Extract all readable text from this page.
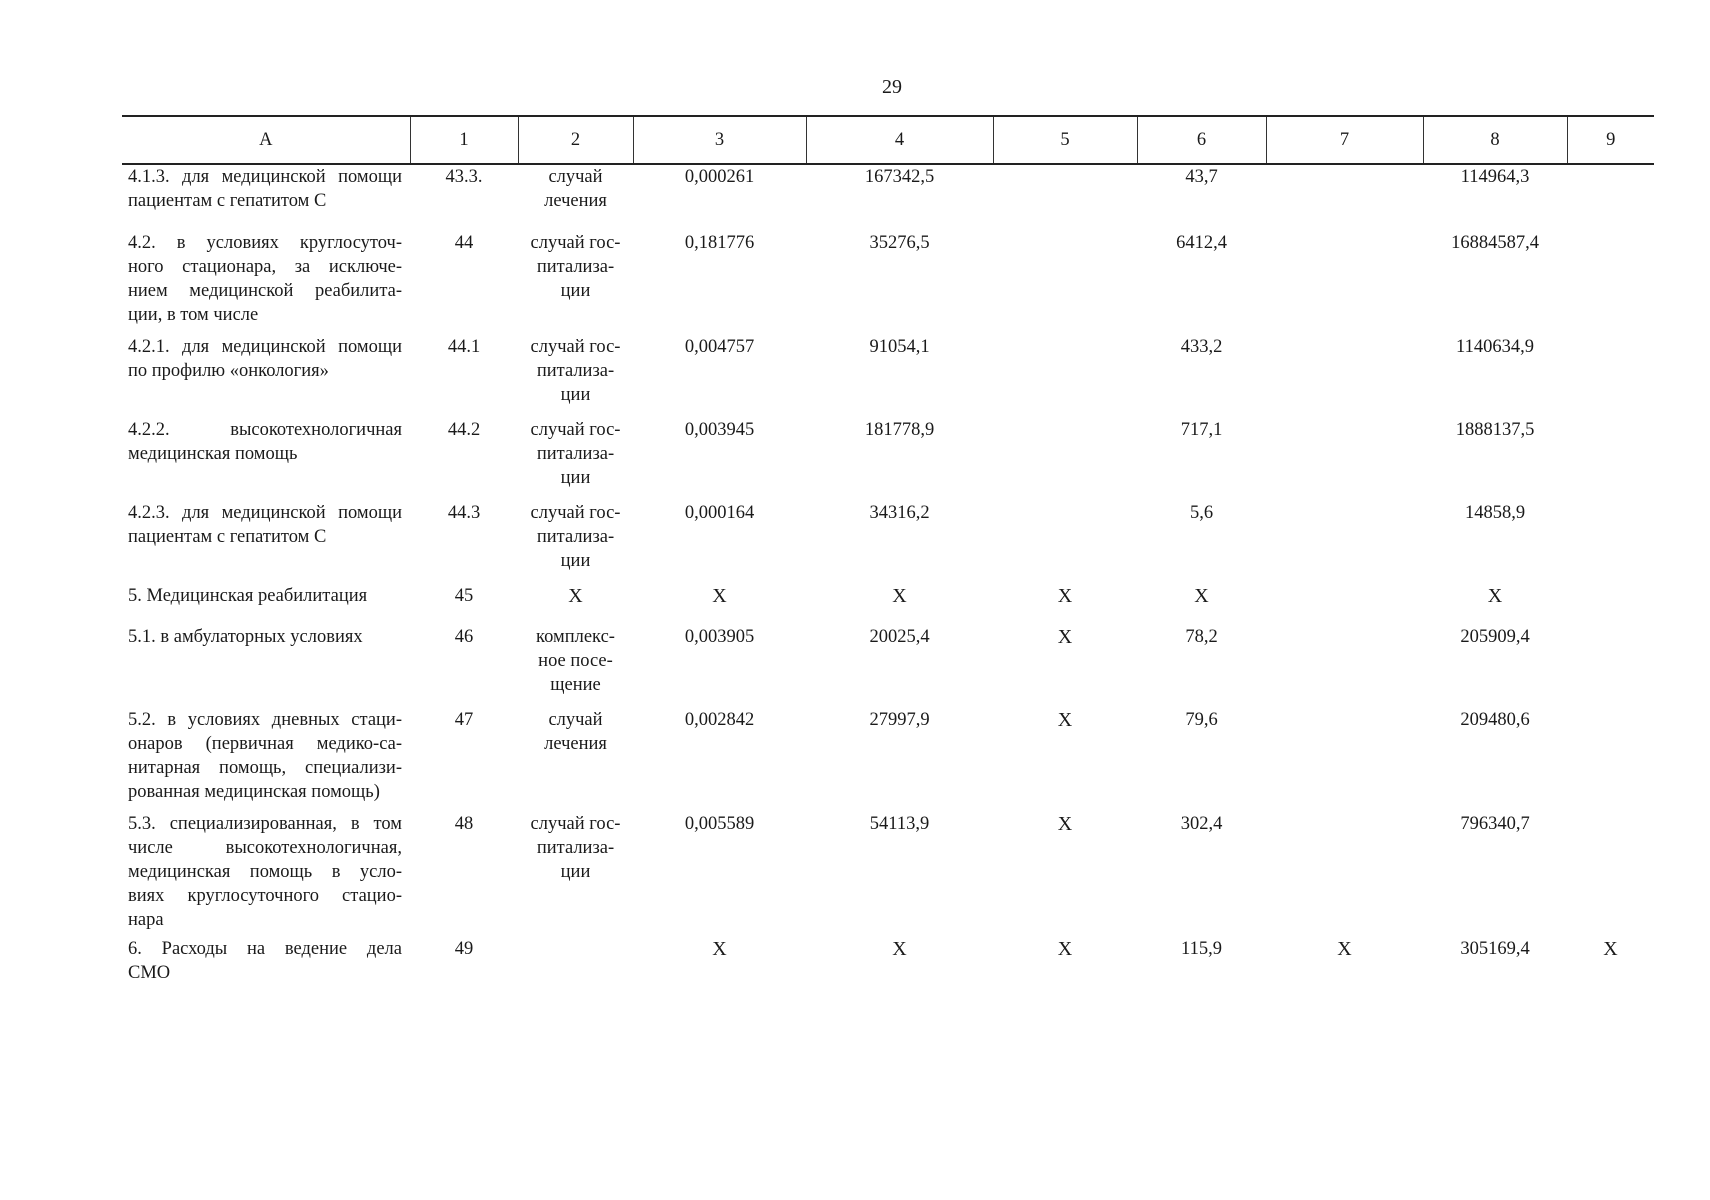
29
А	1	2	3	4	5	6	7	8	9

4.1.3. для медицинской помощи
пациентам с гепатитом С	43.3.	случай
лечения	0,000261	167342,5		43,7		114964,3	

4.2. в условиях круглосуточ-
ного стационара, за исключе-
нием медицинской реабилита-
ции, в том числе	44	случай гос-
питализа-
ции	0,181776	35276,5		6412,4		16884587,4	

4.2.1. для медицинской помощи
по профилю «онкология»	44.1	случай гос-
питализа-
ции	0,004757	91054,1		433,2		1140634,9	

4.2.2. высокотехнологичная
медицинская помощь	44.2	случай гос-
питализа-
ции	0,003945	181778,9		717,1		1888137,5	

4.2.3. для медицинской помощи
пациентам с гепатитом С	44.3	случай гос-
питализа-
ции	0,000164	34316,2		5,6		14858,9	

5. Медицинская реабилитация	45	Х	Х	Х	Х	Х		Х	

5.1. в амбулаторных условиях	46	комплекс-
ное посе-
щение	0,003905	20025,4	Х	78,2		205909,4	

5.2. в условиях дневных стаци-
онаров (первичная медико-са-
нитарная помощь, специализи-
рованная медицинская помощь)	47	случай
лечения	0,002842	27997,9	Х	79,6		209480,6	

5.3. специализированная, в том
числе высокотехнологичная,
медицинская помощь в усло-
виях круглосуточного стацио-
нара	48	случай гос-
питализа-
ции	0,005589	54113,9	Х	302,4		796340,7	

6. Расходы на ведение дела
СМО	49		Х	Х	Х	115,9	Х	305169,4	Х
